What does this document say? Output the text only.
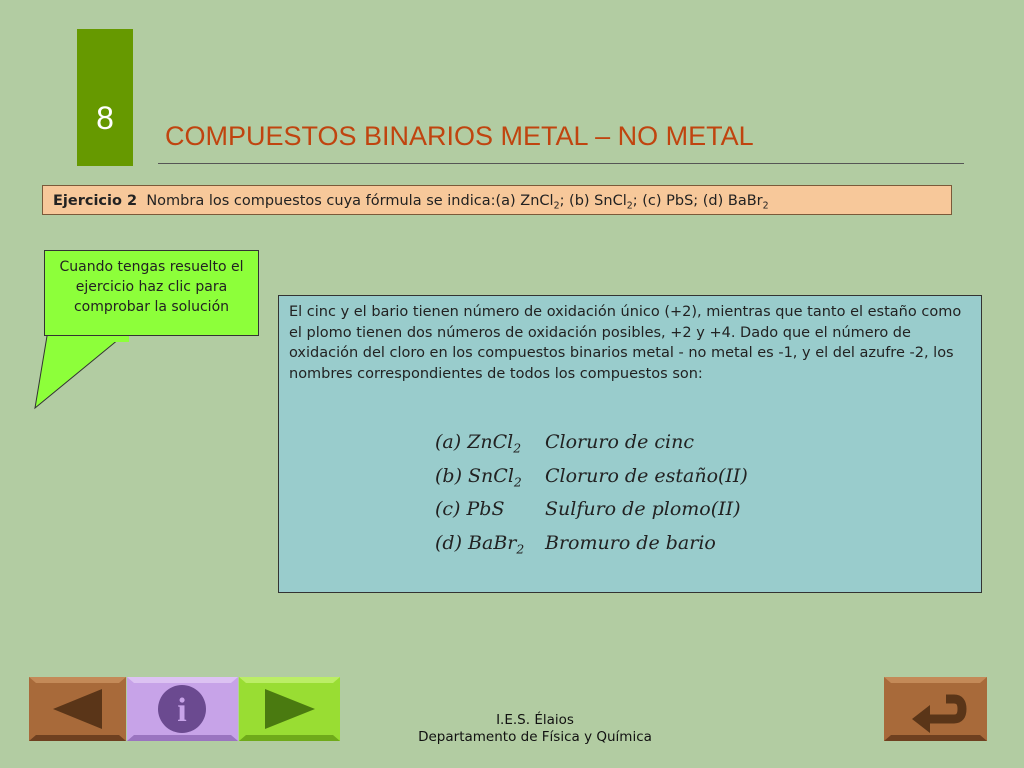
8	COMPUESTOS BINARIOS METAL – NO METAL
Ejercicio 2 Nombra los compuestos cuya fórmula se indica:(a) ZnCl$_2$; (b) SnCl$_2$; (c) PbS; (d) BaBr$_2$
Cuando tengas resuelto el ejercicio haz clic para comprobar la solución	El cinc y el bario tienen número de oxidación único (+2), mientras que tanto el estaño como el plomo tienen dos números de oxidación posibles, +2 y +4. Dado que el número de oxidación del cloro en los compuestos binarios metal - no metal es -1, y el del azufre -2, los nombres correspondientes de todos los compuestos son:
(a) ZnCl$_2$ Cloruro de cinc
(b) SnCl$_2$ Cloruro de estaño(II)
(c) PbS Sulfuro de plomo(II)
(d) BaBr$_2$ Bromuro de bario
i	I.E.S. Élaios
Departamento de Física y Química
